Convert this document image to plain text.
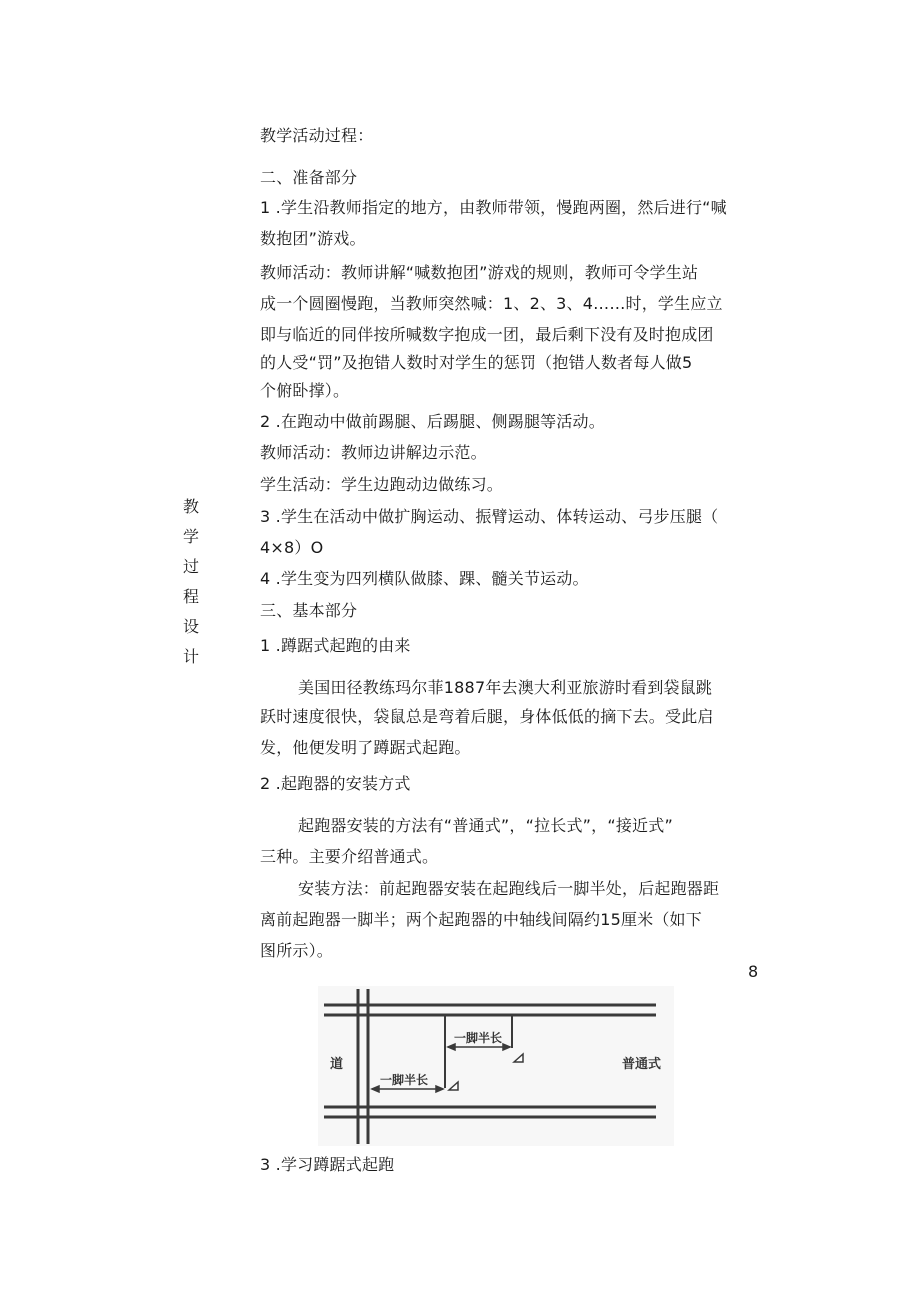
教学活动过程：
二、准备部分
1 .学生沿教师指定的地方，由教师带领，慢跑两圈，然后进行“喊
数抱团”游戏。
教师活动：教师讲解“喊数抱团”游戏的规则，教师可令学生站
成一个圆圈慢跑，当教师突然喊：1、2、3、4……时，学生应立
即与临近的同伴按所喊数字抱成一团，最后剩下没有及时抱成团
的人受“罚”及抱错人数时对学生的惩罚（抱错人数者每人做5
个俯卧撑）。
2 .在跑动中做前踢腿、后踢腿、侧踢腿等活动。
教师活动：教师边讲解边示范。
学生活动：学生边跑动边做练习。
3 .学生在活动中做扩胸运动、振臂运动、体转运动、弓步压腿（
4×8）O
4 .学生变为四列横队做膝、踝、髓关节运动。
三、基本部分
1 .蹲踞式起跑的由来
美国田径教练玛尔菲1887年去澳大利亚旅游时看到袋鼠跳
跃时速度很快，袋鼠总是弯着后腿，身体低低的摘下去。受此启
发，他便发明了蹲踞式起跑。
2 .起跑器的安装方式
起跑器安装的方法有“普通式”，“拉长式”，“接近式”
三种。主要介绍普通式。
安装方法：前起跑器安装在起跑线后一脚半处，后起跑器距
离前起跑器一脚半；两个起跑器的中轴线间隔约15厘米（如下
图所示）。
3 .学习蹲踞式起跑
教
学
过
程
设
计
8
道
一脚半长
一脚半长
普通式
